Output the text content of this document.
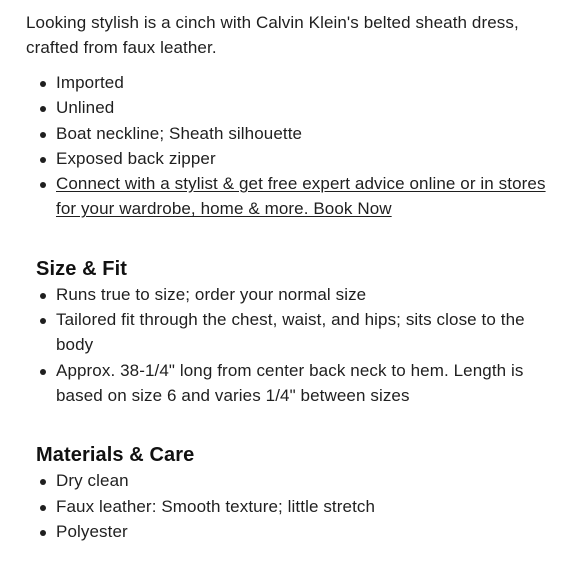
Looking stylish is a cinch with Calvin Klein's belted sheath dress, crafted from faux leather.

Imported
Unlined
Boat neckline; Sheath silhouette
Exposed back zipper
Connect with a stylist & get free expert advice online or in stores for your wardrobe, home & more. Book Now
Size & Fit
Runs true to size; order your normal size
Tailored fit through the chest, waist, and hips; sits close to the body
Approx. 38-1/4" long from center back neck to hem. Length is based on size 6 and varies 1/4" between sizes
Materials & Care
Dry clean
Faux leather: Smooth texture; little stretch
Polyester
